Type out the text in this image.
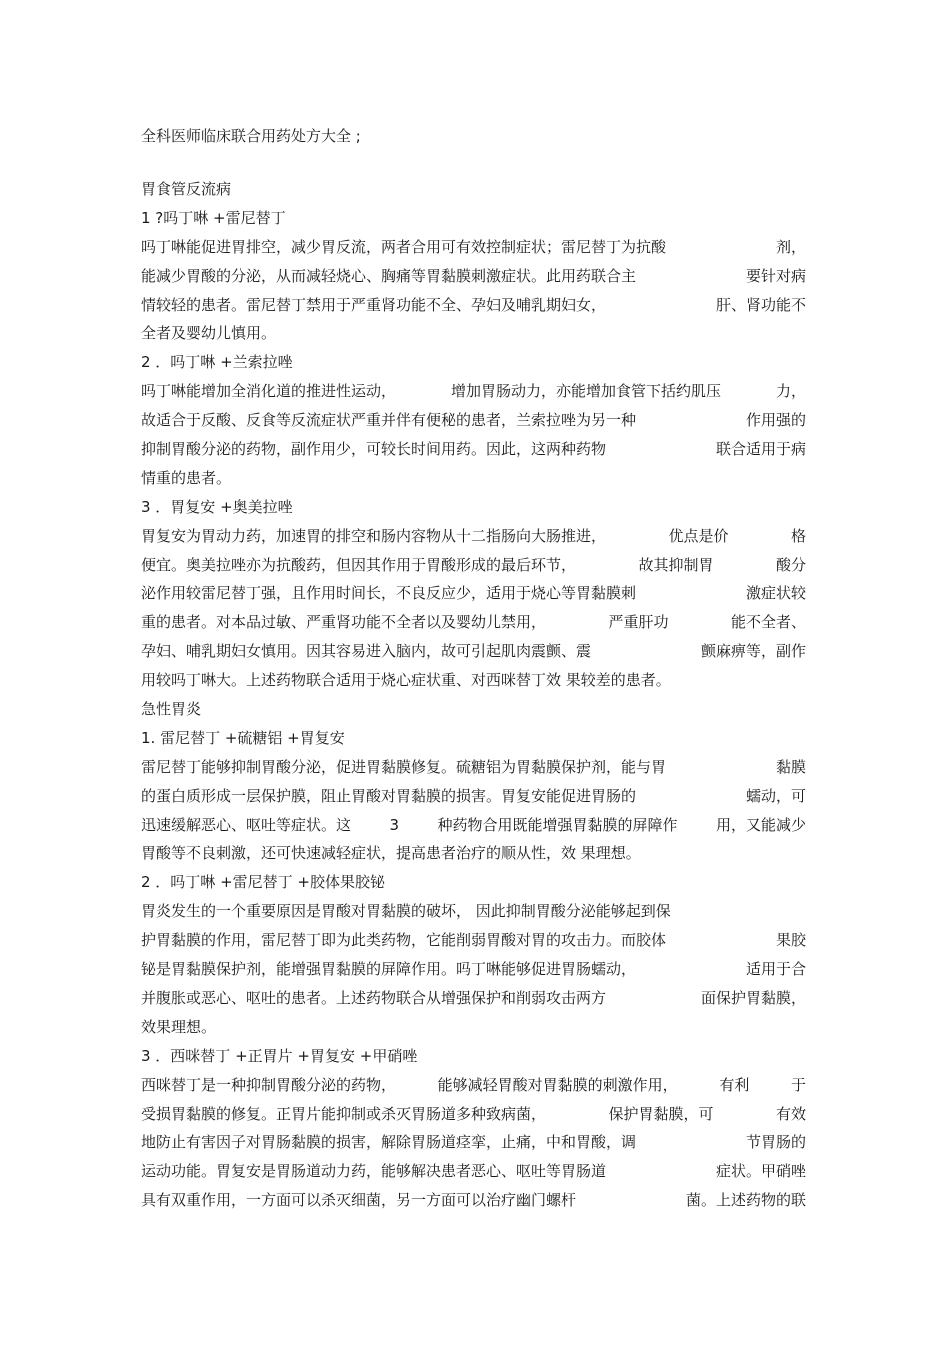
全科医师临床联合用药处方大全 ;
胃食管反流病
1 ?吗丁啉 +雷尼替丁
吗丁啉能促进胃排空，减少胃反流，两者合用可有效控制症状；雷尼替丁为抗酸	剂，
能减少胃酸的分泌，从而减轻烧心、胸痛等胃黏膜刺激症状。此用药联合主	要针对病
情较轻的患者。雷尼替丁禁用于严重肾功能不全、孕妇及哺乳期妇女，	肝、肾功能不
全者及婴幼儿慎用。
2 ．吗丁啉 +兰索拉唑
吗丁啉能增加全消化道的推进性运动，	增加胃肠动力，亦能增加食管下括约肌压	力，
故适合于反酸、反食等反流症状严重并伴有便秘的患者，兰索拉唑为另一种	作用强的
抑制胃酸分泌的药物，副作用少，可较长时间用药。因此，这两种药物	联合适用于病
情重的患者。
3 ．胃复安 +奥美拉唑
胃复安为胃动力药，加速胃的排空和肠内容物从十二指肠向大肠推进，	优点是价	格
便宜。奥美拉唑亦为抗酸药，但因其作用于胃酸形成的最后环节，	故其抑制胃	酸分
泌作用较雷尼替丁强，且作用时间长，不良反应少，适用于烧心等胃黏膜刺	激症状较
重的患者。对本品过敏、严重肾功能不全者以及婴幼儿禁用，	严重肝功	能不全者、
孕妇、哺乳期妇女慎用。因其容易进入脑内，故可引起肌肉震颤、震	颤麻痹等，副作
用较吗丁啉大。上述药物联合适用于烧心症状重、对西咪替丁效 果较差的患者。
急性胃炎
1. 雷尼替丁 +硫糖铝 +胃复安
雷尼替丁能够抑制胃酸分泌，促进胃黏膜修复。硫糖铝为胃黏膜保护剂，能与胃	黏膜
的蛋白质形成一层保护膜，阻止胃酸对胃黏膜的损害。胃复安能促进胃肠的	蠕动，可
迅速缓解恶心、呕吐等症状。这	3	种药物合用既能增强胃黏膜的屏障作	用，又能减少
胃酸等不良刺激，还可快速减轻症状，提高患者治疗的顺从性，效 果理想。
2 ．吗丁啉 +雷尼替丁 +胶体果胶铋
胃炎发生的一个重要原因是胃酸对胃黏膜的破坏， 因此抑制胃酸分泌能够起到保
护胃黏膜的作用，雷尼替丁即为此类药物，它能削弱胃酸对胃的攻击力。而胶体	果胶
铋是胃黏膜保护剂，能增强胃黏膜的屏障作用。吗丁啉能够促进胃肠蠕动，	适用于合
并腹胀或恶心、呕吐的患者。上述药物联合从增强保护和削弱攻击两方	面保护胃黏膜，
效果理想。
3 ．西咪替丁 +正胃片 +胃复安 +甲硝唑
西咪替丁是一种抑制胃酸分泌的药物，	能够减轻胃酸对胃黏膜的刺激作用，	有利	于
受损胃黏膜的修复。正胃片能抑制或杀灭胃肠道多种致病菌，	保护胃黏膜，可	有效
地防止有害因子对胃肠黏膜的损害，解除胃肠道痉挛，止痛，中和胃酸，调	节胃肠的
运动功能。胃复安是胃肠道动力药，能够解决患者恶心、呕吐等胃肠道	症状。甲硝唑
具有双重作用，一方面可以杀灭细菌，另一方面可以治疗幽门螺杆	菌。上述药物的联
